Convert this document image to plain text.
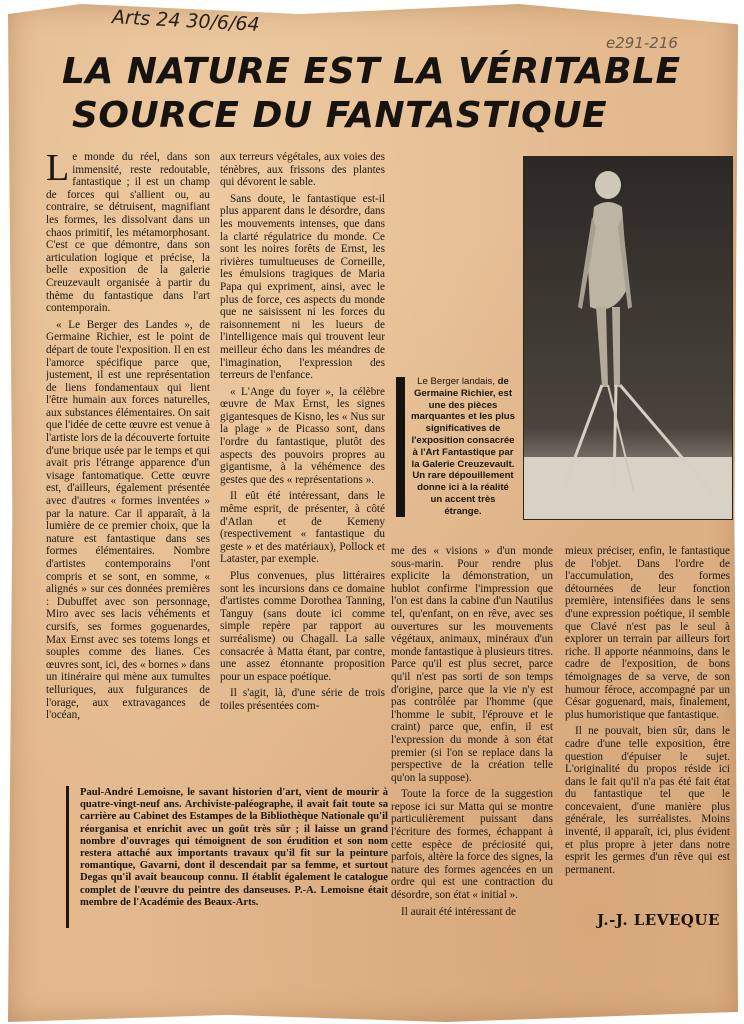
Arts 24 30/6/64
e291-216
LA NATURE EST LA VÉRITABLE
SOURCE DU FANTASTIQUE

Le monde du réel, dans son immensité, reste redoutable, fantastique ; il est un champ de forces qui s'allient ou, au contraire, se détruisent, magnifiant les formes, les dissolvant dans un chaos primitif, les métamorphosant. C'est ce que démontre, dans son articulation logique et précise, la belle exposition de la galerie Creuzevault organisée à partir du thème du fantastique dans l'art contemporain.

« Le Berger des Landes », de Germaine Richier, est le point de départ de toute l'exposition. Il en est l'amorce spécifique parce que, justement, il est une représentation de liens fondamentaux qui lient l'être humain aux forces naturelles, aux substances élémentaires. On sait que l'idée de cette œuvre est venue à l'artiste lors de la découverte fortuite d'une brique usée par le temps et qui avait pris l'étrange apparence d'un visage fantomatique. Cette œuvre est, d'ailleurs, également présentée avec d'autres « formes inventées » par la nature. Car il apparaît, à la lumière de ce premier choix, que la nature est fantastique dans ses formes élémentaires. Nombre d'artistes contemporains l'ont compris et se sont, en somme, « alignés » sur ces données premières : Dubuffet avec son personnage, Miro avec ses lacis véhéments et cursifs, ses formes goguenardes, Max Ernst avec ses totems longs et souples comme des lianes. Ces œuvres sont, ici, des « bornes » dans un itinéraire qui mène aux tumultes telluriques, aux fulgurances de l'orage, aux extravagances de l'océan,

aux terreurs végétales, aux voies des ténèbres, aux frissons des plantes qui dévorent le sable.

Sans doute, le fantastique est-il plus apparent dans le désordre, dans les mouvements intenses, que dans la clarté régulatrice du monde. Ce sont les noires forêts de Ernst, les rivières tumultueuses de Corneille, les émulsions tragiques de Maria Papa qui expriment, ainsi, avec le plus de force, ces aspects du monde que ne saisissent ni les forces du raisonnement ni les lueurs de l'intelligence mais qui trouvent leur meilleur écho dans les méandres de l'imagination, l'expression des terreurs de l'enfance.

« L'Ange du foyer », la célèbre œuvre de Max Ernst, les signes gigantesques de Kisno, les « Nus sur la plage » de Picasso sont, dans l'ordre du fantastique, plutôt des aspects des pouvoirs propres au gigantisme, à la véhémence des gestes que des « représentations ».

Il eût été intéressant, dans le même esprit, de présenter, à côté d'Atlan et de Kemeny (respectivement « fantastique du geste » et des matériaux), Pollock et Lataster, par exemple.

Plus convenues, plus littéraires sont les incursions dans ce domaine d'artistes comme Dorothea Tanning, Tanguy (sans doute ici comme simple repère par rapport au surréalisme) ou Chagall. La salle consacrée à Matta étant, par contre, une assez étonnante proposition pour un espace poétique.

Il s'agit, là, d'une série de trois toiles présentées com-

Le Berger landais, de Germaine Richier, est une des pièces marquantes et les plus significatives de l'exposition consacrée à l'Art Fantastique par la Galerie Creuzevault. Un rare dépouillement donne ici à la réalité un accent très étrange.

me des « visions » d'un monde sous-marin. Pour rendre plus explicite la démonstration, un hublot confirme l'impression que l'on est dans la cabine d'un Nautilus tel, qu'enfant, on en rêve, avec ses ouvertures sur les mouvements végétaux, animaux, minéraux d'un monde fantastique à plusieurs titres. Parce qu'il est plus secret, parce qu'il n'est pas sorti de son temps d'origine, parce que la vie n'y est pas contrôlée par l'homme (que l'homme le subit, l'éprouve et le craint) parce que, enfin, il est l'expression du monde à son état premier (si l'on se replace dans la perspective de la création telle qu'on la suppose).

Toute la force de la suggestion repose ici sur Matta qui se montre particulièrement puissant dans l'écriture des formes, échappant à cette espèce de préciosité qui, parfois, altère la force des signes, la nature des formes agencées en un ordre qui est une contraction du désordre, son état « initial ».

Il aurait été intéressant de

mieux préciser, enfin, le fantastique de l'objet. Dans l'ordre de l'accumulation, des formes détournées de leur fonction première, intensifiées dans le sens d'une expression poétique, il semble que Clavé n'est pas le seul à explorer un terrain par ailleurs fort riche. Il apporte néanmoins, dans le cadre de l'exposition, de bons témoignages de sa verve, de son humour féroce, accompagné par un César goguenard, mais, finalement, plus humoristique que fantastique.

Il ne pouvait, bien sûr, dans le cadre d'une telle exposition, être question d'épuiser le sujet. L'originalité du propos réside ici dans le fait qu'il n'a pas été fait état du fantastique tel que le concevaient, d'une manière plus générale, les surréalistes. Moins inventé, il apparaît, ici, plus évident et plus propre à jeter dans notre esprit les germes d'un rêve qui est permanent.

J.-J. LEVEQUE
Paul-André Lemoisne, le savant historien d'art, vient de mourir à quatre-vingt-neuf ans. Archiviste-paléographe, il avait fait toute sa carrière au Cabinet des Estampes de la Bibliothèque Nationale qu'il réorganisa et enrichit avec un goût très sûr ; il laisse un grand nombre d'ouvrages qui témoignent de son érudition et son nom restera attaché aux importants travaux qu'il fit sur la peinture romantique, Gavarni, dont il descendait par sa femme, et surtout Degas qu'il avait beaucoup connu. Il établit également le catalogue complet de l'œuvre du peintre des danseuses. P.-A. Lemoisne était membre de l'Académie des Beaux-Arts.
